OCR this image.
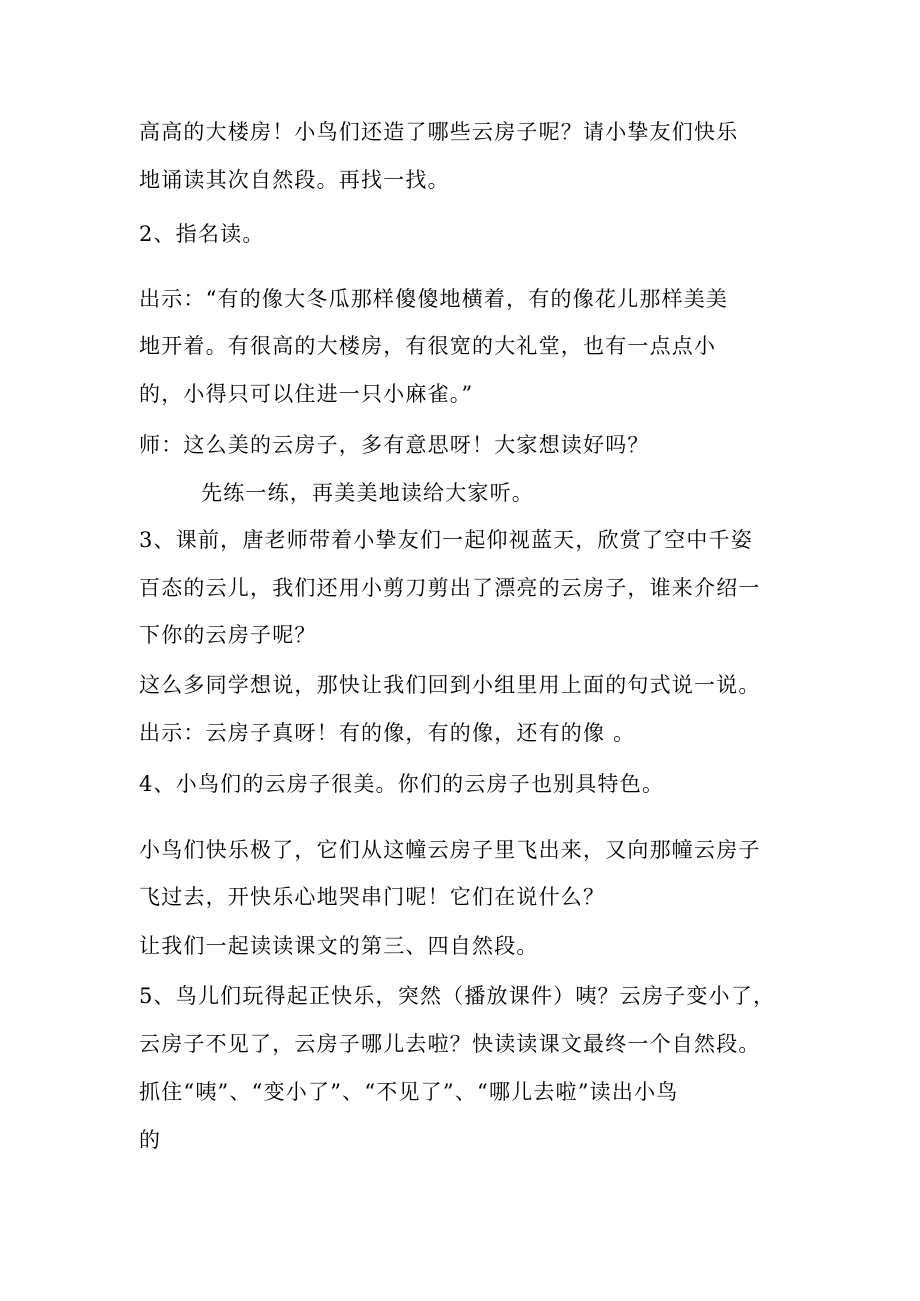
高高的大楼房！小鸟们还造了哪些云房子呢？请小挚友们快乐
地诵读其次自然段。再找一找。
2、指名读。
出示：“有的像大冬瓜那样傻傻地横着，有的像花儿那样美美
地开着。有很高的大楼房，有很宽的大礼堂，也有一点点小
的，小得只可以住进一只小麻雀。”
师：这么美的云房子，多有意思呀！大家想读好吗？
先练一练，再美美地读给大家听。
3、课前，唐老师带着小挚友们一起仰视蓝天，欣赏了空中千姿
百态的云儿，我们还用小剪刀剪出了漂亮的云房子，谁来介绍一
下你的云房子呢？
这么多同学想说，那快让我们回到小组里用上面的句式说一说。
出示：云房子真呀！有的像，有的像，还有的像 。
4、小鸟们的云房子很美。你们的云房子也别具特色。
小鸟们快乐极了，它们从这幢云房子里飞出来，又向那幢云房子
飞过去，开快乐心地哭串门呢！它们在说什么？
让我们一起读读课文的第三、四自然段。
5、鸟儿们玩得起正快乐，突然（播放课件）咦？云房子变小了，
云房子不见了，云房子哪儿去啦？快读读课文最终一个自然段。
抓住“咦”、“变小了”、“不见了”、“哪儿去啦”读出小鸟
的
